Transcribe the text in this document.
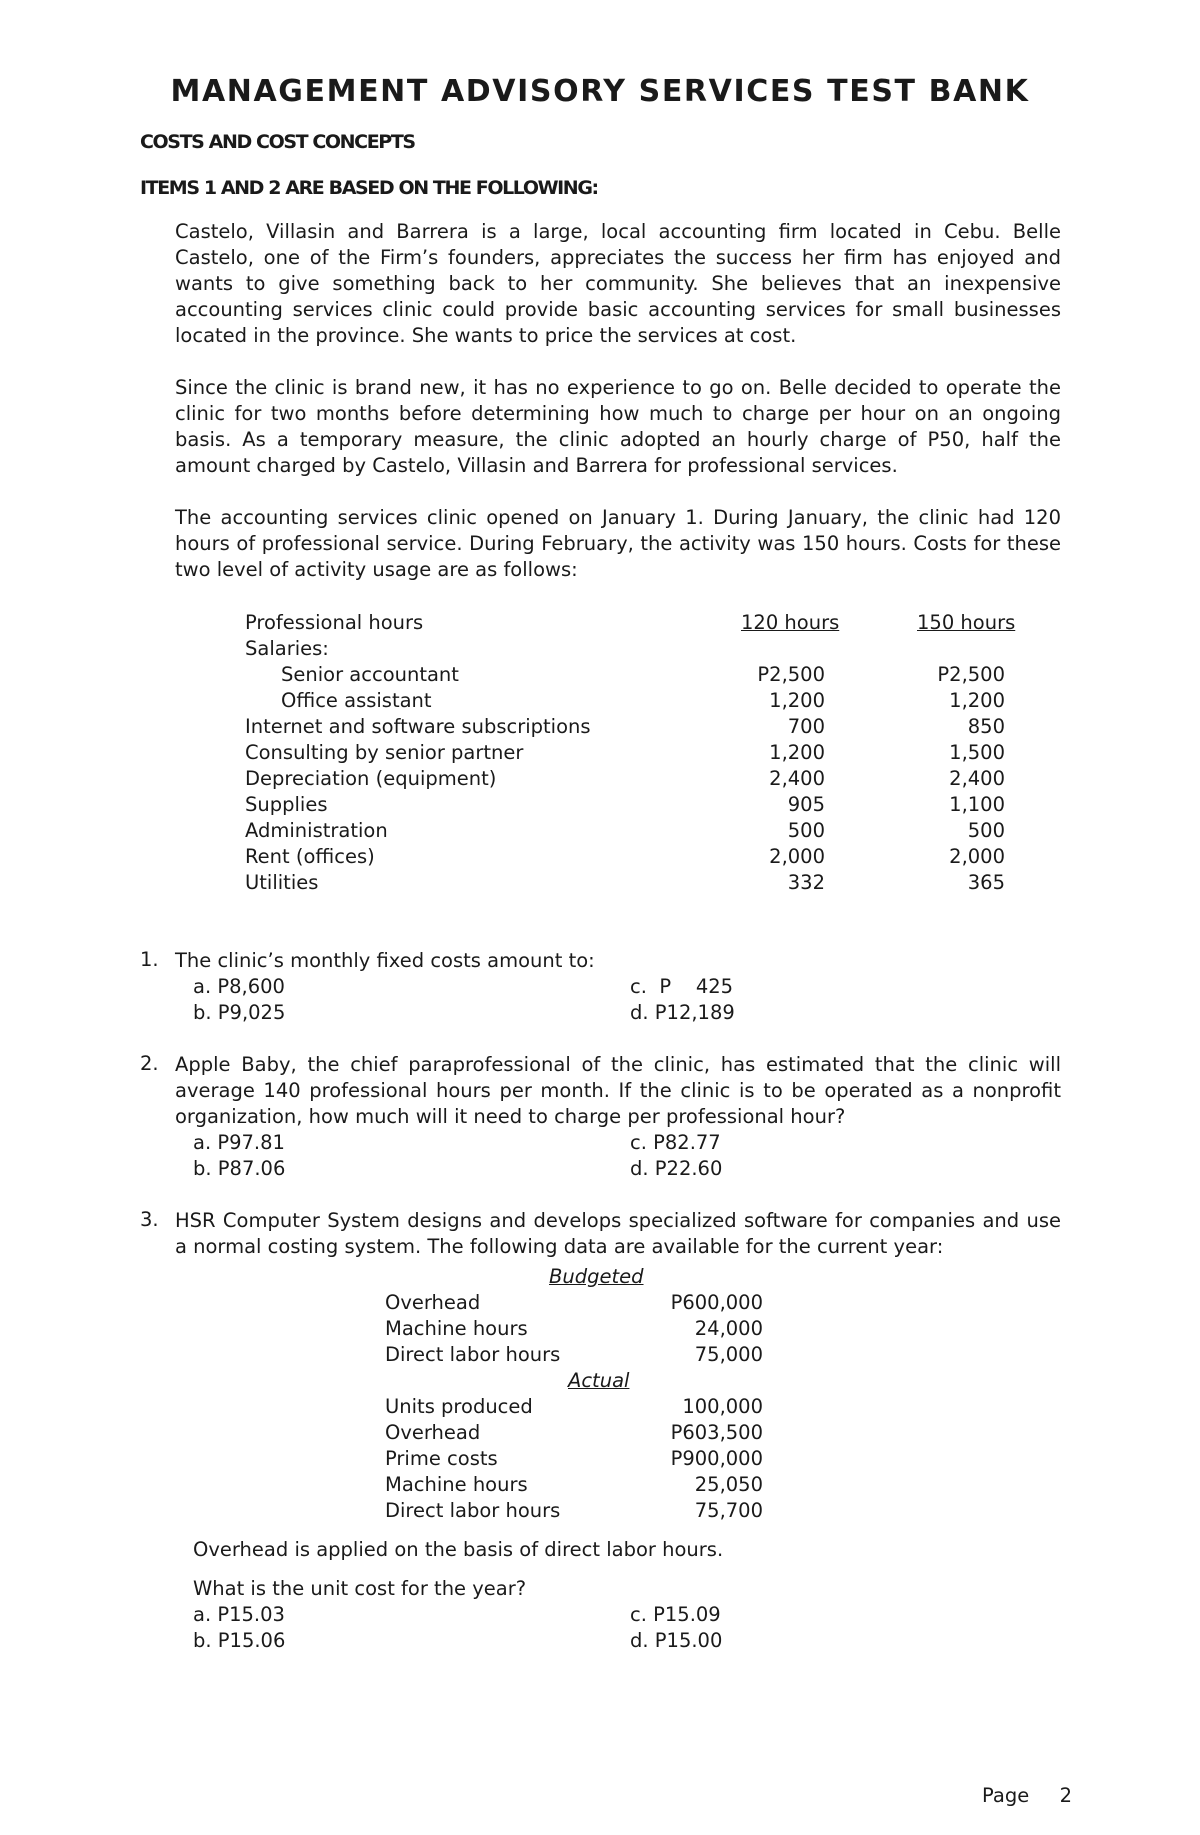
MANAGEMENT ADVISORY SERVICES TEST BANK
COSTS AND COST CONCEPTS
ITEMS 1 AND 2 ARE BASED ON THE FOLLOWING:
Castelo, Villasin and Barrera is a large, local accounting firm located in Cebu. Belle Castelo, one of the Firm’s founders, appreciates the success her firm has enjoyed and wants to give something back to her community. She believes that an inexpensive accounting services clinic could provide basic accounting services for small businesses located in the province. She wants to price the services at cost.
Since the clinic is brand new, it has no experience to go on. Belle decided to operate the clinic for two months before determining how much to charge per hour on an ongoing basis. As a temporary measure, the clinic adopted an hourly charge of P50, half the amount charged by Castelo, Villasin and Barrera for professional services.
The accounting services clinic opened on January 1. During January, the clinic had 120 hours of professional service. During February, the activity was 150 hours. Costs for these two level of activity usage are as follows:
Professional hours	120 hours	150 hours
Salaries:
Senior accountant	P2,500	P2,500
Office assistant	1,200	1,200
Internet and software subscriptions	700	850
Consulting by senior partner	1,200	1,500
Depreciation (equipment)	2,400	2,400
Supplies	905	1,100
Administration	500	500
Rent (offices)	2,000	2,000
Utilities	332	365
1. The clinic’s monthly fixed costs amount to:
a. P8,600
b. P9,025
c.  P    425
d. P12,189
2. Apple Baby, the chief paraprofessional of the clinic, has estimated that the clinic will average 140 professional hours per month. If the clinic is to be operated as a nonprofit organization, how much will it need to charge per professional hour?
a. P97.81
b. P87.06
c. P82.77
d. P22.60
3. HSR Computer System designs and develops specialized software for companies and use a normal costing system. The following data are available for the current year:
Budgeted
Overhead	P600,000
Machine hours	24,000
Direct labor hours	75,000
Actual
Units produced	100,000
Overhead	P603,500
Prime costs	P900,000
Machine hours	25,050
Direct labor hours	75,700
Overhead is applied on the basis of direct labor hours.
What is the unit cost for the year?
a. P15.03
b. P15.06
c. P15.09
d. P15.00
Page 2
